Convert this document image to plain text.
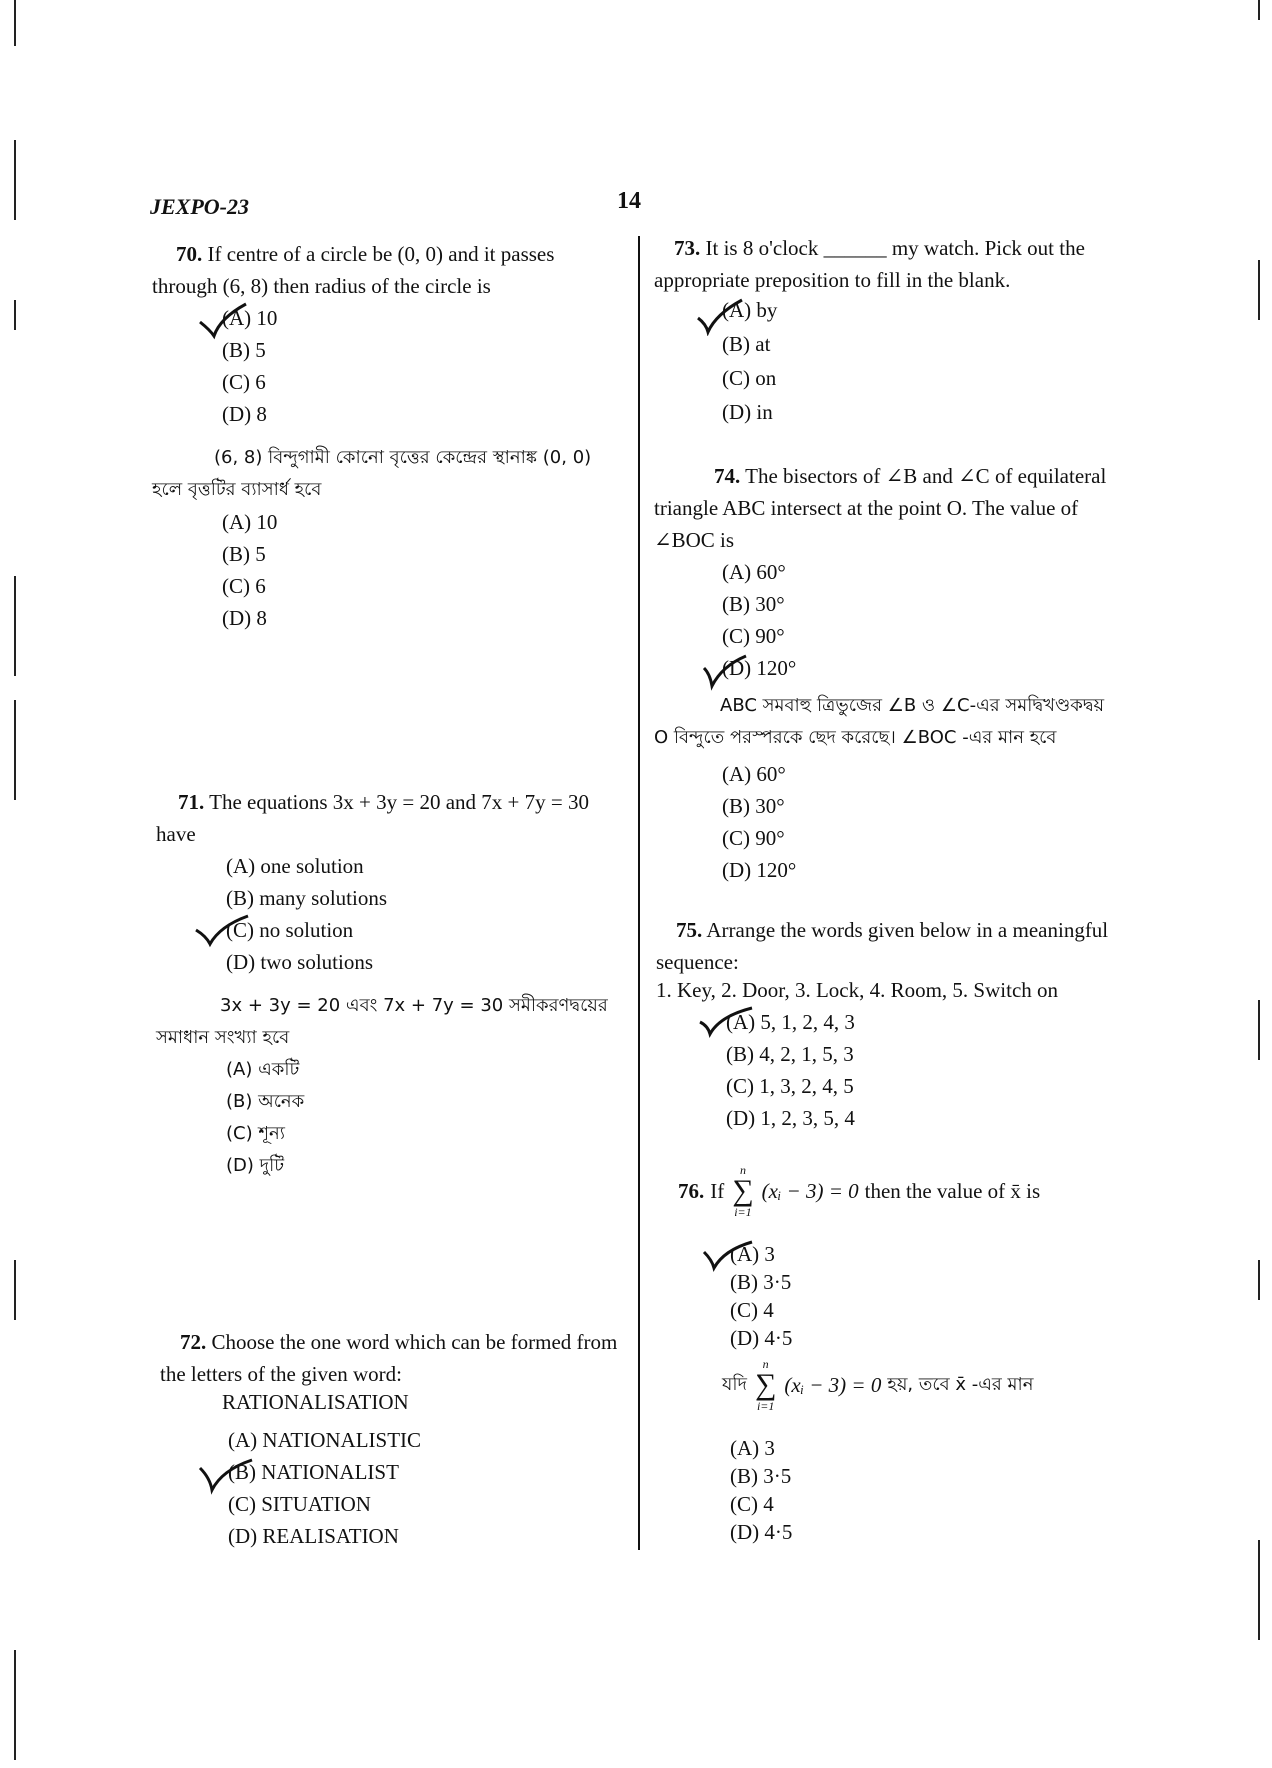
JEXPO-23	14
70. If centre of a circle be (0, 0) and it passes through (6, 8) then radius of the circle is
(A) 10
(B) 5
(C) 6
(D) 8
(6, 8) বিন্দুগামী কোনো বৃত্তের কেন্দ্রের স্থানাঙ্ক (0, 0) হলে বৃত্তটির ব্যাসার্ধ হবে
(A) 10
(B) 5
(C) 6
(D) 8
71. The equations 3x + 3y = 20 and 7x + 7y = 30 have
(A) one solution
(B) many solutions
(C) no solution
(D) two solutions
3x + 3y = 20 এবং 7x + 7y = 30 সমীকরণদ্বয়ের সমাধান সংখ্যা হবে
(A) একটি
(B) অনেক
(C) শূন্য
(D) দুটি
72. Choose the one word which can be formed from the letters of the given word:
RATIONALISATION
(A) NATIONALISTIC
(B) NATIONALIST
(C) SITUATION
(D) REALISATION
73. It is 8 o'clock ______ my watch. Pick out the appropriate preposition to fill in the blank.
(A) by
(B) at
(C) on
(D) in
74. The bisectors of ∠B and ∠C of equilateral triangle ABC intersect at the point O. The value of ∠BOC is
(A) 60°
(B) 30°
(C) 90°
(D) 120°
ABC সমবাহু ত্রিভুজের ∠B ও ∠C-এর সমদ্বিখণ্ডকদ্বয় O বিন্দুতে পরস্পরকে ছেদ করেছে। ∠BOC -এর মান হবে
(A) 60°
(B) 30°
(C) 90°
(D) 120°
75. Arrange the words given below in a meaningful sequence:
1. Key, 2. Door, 3. Lock, 4. Room, 5. Switch on
(A) 5, 1, 2, 4, 3
(B) 4, 2, 1, 5, 3
(C) 1, 3, 2, 4, 5
(D) 1, 2, 3, 5, 4
76. If
n
∑
i=1
(xᵢ − 3) = 0 then the value of x̄ is
(A) 3
(B) 3·5
(C) 4
(D) 4·5
যদি
n
∑
i=1
(xᵢ − 3) = 0 হয়, তবে x̄ -এর মান
(A) 3
(B) 3·5
(C) 4
(D) 4·5
